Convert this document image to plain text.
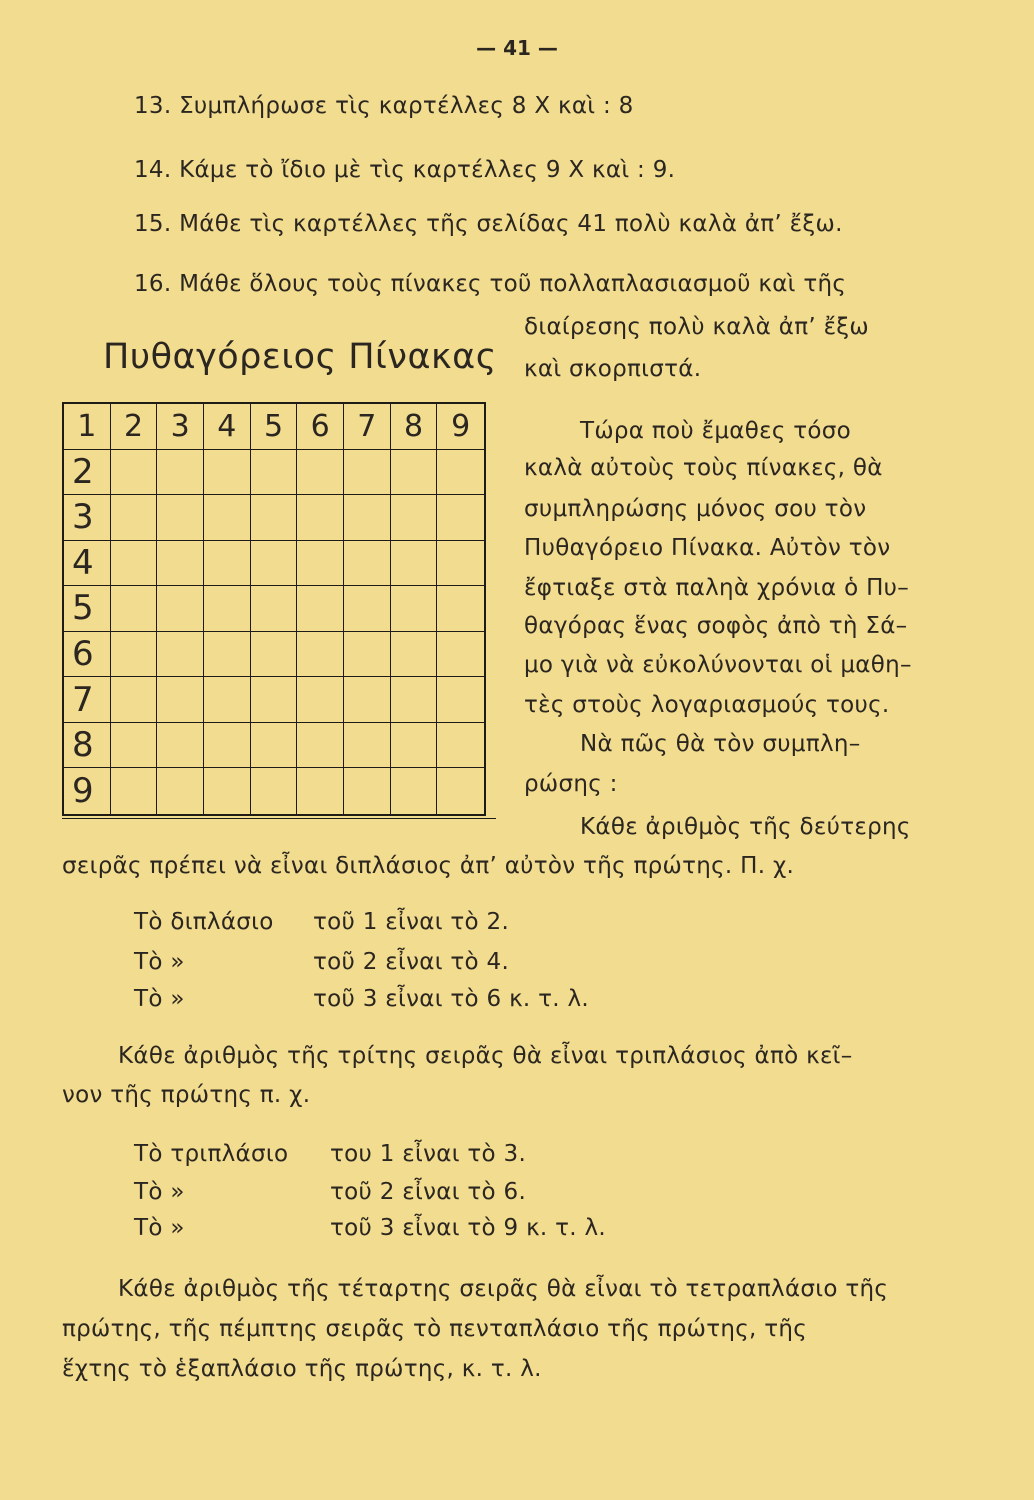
— 41 —
13. Συμπλήρωσε τὶς καρτέλλες 8 Χ καὶ : 8
14. Κάμε τὸ ἴδιο μὲ τὶς καρτέλλες 9 Χ καὶ : 9.
15. Μάθε τὶς καρτέλλες τῆς σελίδας 41 πολὺ καλὰ ἀπ’ ἔξω.
16. Μάθε ὅλους τοὺς πίνακες τοῦ πολλαπλασιασμοῦ καὶ τῆς
διαίρεσης πολὺ καλὰ ἀπ’ ἔξω
καὶ σκορπιστά.
Πυθαγόρειος Πίνακας
1 2 3 4 5 6 7 8 9
2
3
4
5
6
7
8
9
Τώρα ποὺ ἔμαθες τόσο
καλὰ αὐτοὺς τοὺς πίνακες, θὰ
συμπληρώσης μόνος σου τὸν
Πυθαγόρειο Πίνακα. Αὐτὸν τὸν
ἔφτιαξε στὰ παληὰ χρόνια ὁ Πυ–
θαγόρας ἕνας σοφὸς ἀπὸ τὴ Σά–
μο γιὰ νὰ εὐκολύνονται οἱ μαθη–
τὲς στοὺς λογαριασμούς τους.
Νὰ πῶς θὰ τὸν συμπλη–
ρώσης :
Κάθε ἀριθμὸς τῆς δεύτερης
σειρᾶς πρέπει νὰ εἶναι διπλάσιος ἀπ’ αὐτὸν τῆς πρώτης. Π. χ.
Τὸ διπλάσιο τοῦ 1 εἶναι τὸ 2.
Τὸ »	τοῦ 2 εἶναι τὸ 4.
Τὸ »	τοῦ 3 εἶναι τὸ 6 κ. τ. λ.
Κάθε ἀριθμὸς τῆς τρίτης σειρᾶς θὰ εἶναι τριπλάσιος ἀπὸ κεῖ–
νον τῆς πρώτης π. χ.
Τὸ τριπλάσιο του 1 εἶναι τὸ 3.
Τὸ »	τοῦ 2 εἶναι τὸ 6.
Τὸ »	τοῦ 3 εἶναι τὸ 9 κ. τ. λ.
Κάθε ἀριθμὸς τῆς τέταρτης σειρᾶς θὰ εἶναι τὸ τετραπλάσιο τῆς
πρώτης, τῆς πέμπτης σειρᾶς τὸ πενταπλάσιο τῆς πρώτης, τῆς
ἕχτης τὸ ἑξαπλάσιο τῆς πρώτης, κ. τ. λ.
